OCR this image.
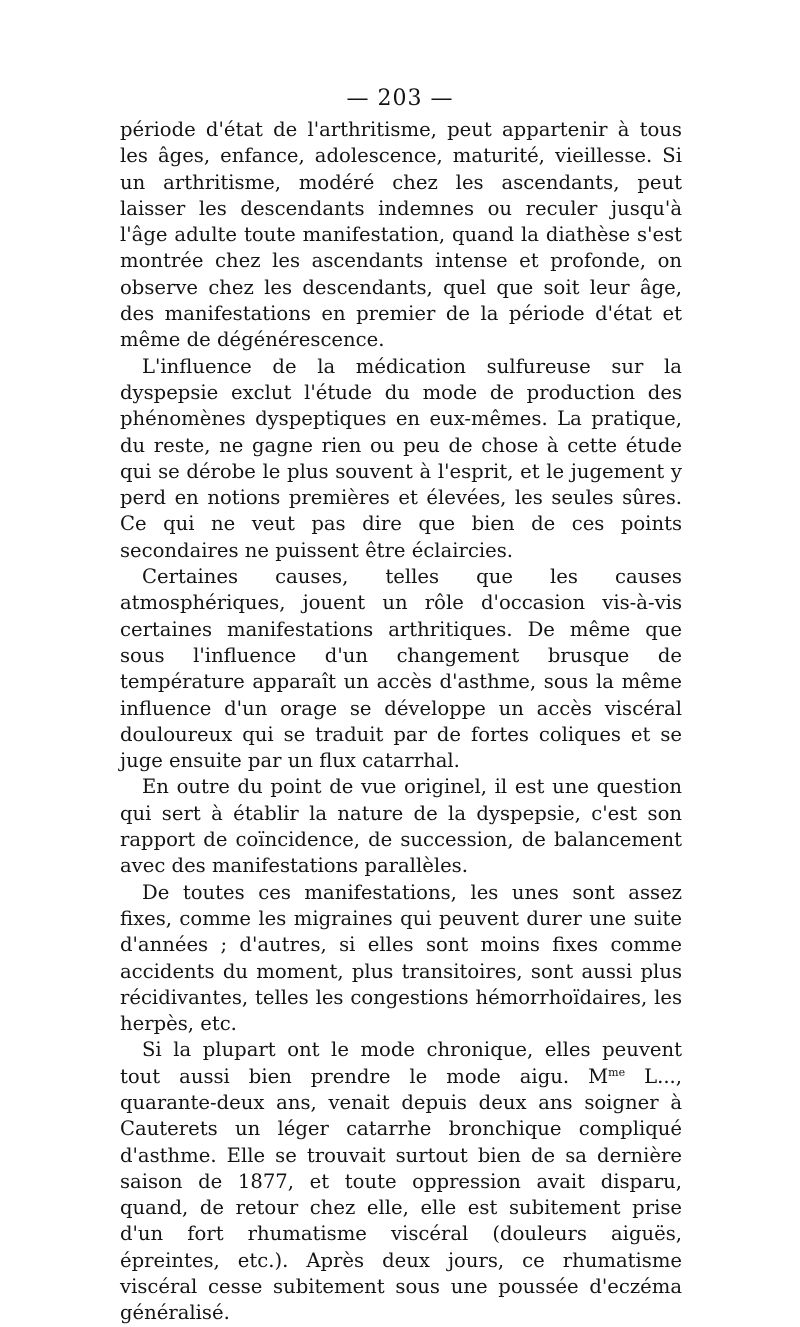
— 203 —

période d'état de l'arthritisme, peut appartenir à tous les âges, enfance, adolescence, maturité, vieillesse. Si un arthritisme, modéré chez les ascendants, peut laisser les descendants indemnes ou reculer jusqu'à l'âge adulte toute manifestation, quand la diathèse s'est montrée chez les ascendants intense et profonde, on observe chez les descendants, quel que soit leur âge, des manifestations en premier de la période d'état et même de dégénérescence.

L'influence de la médication sulfureuse sur la dyspepsie exclut l'étude du mode de production des phénomènes dyspeptiques en eux-mêmes. La pratique, du reste, ne gagne rien ou peu de chose à cette étude qui se dérobe le plus souvent à l'esprit, et le jugement y perd en notions premières et élevées, les seules sûres. Ce qui ne veut pas dire que bien de ces points secondaires ne puissent être éclaircies.

Certaines causes, telles que les causes atmosphériques, jouent un rôle d'occasion vis-à-vis certaines manifestations arthritiques. De même que sous l'influence d'un changement brusque de température apparaît un accès d'asthme, sous la même influence d'un orage se développe un accès viscéral douloureux qui se traduit par de fortes coliques et se juge ensuite par un flux catarrhal.

En outre du point de vue originel, il est une question qui sert à établir la nature de la dyspepsie, c'est son rapport de coïncidence, de succession, de balancement avec des manifestations parallèles.

De toutes ces manifestations, les unes sont assez fixes, comme les migraines qui peuvent durer une suite d'années ; d'autres, si elles sont moins fixes comme accidents du moment, plus transitoires, sont aussi plus récidivantes, telles les congestions hémorrhoïdaires, les herpès, etc.

Si la plupart ont le mode chronique, elles peuvent tout aussi bien prendre le mode aigu. $M^{me}$ L..., quarante-deux ans, venait depuis deux ans soigner à Cauterets un léger catarrhe bronchique compliqué d'asthme. Elle se trouvait surtout bien de sa dernière saison de 1877, et toute oppression avait disparu, quand, de retour chez elle, elle est subitement prise d'un fort rhumatisme viscéral (douleurs aiguës, épreintes, etc.). Après deux jours, ce rhumatisme viscéral cesse subitement sous une poussée d'eczéma généralisé.
